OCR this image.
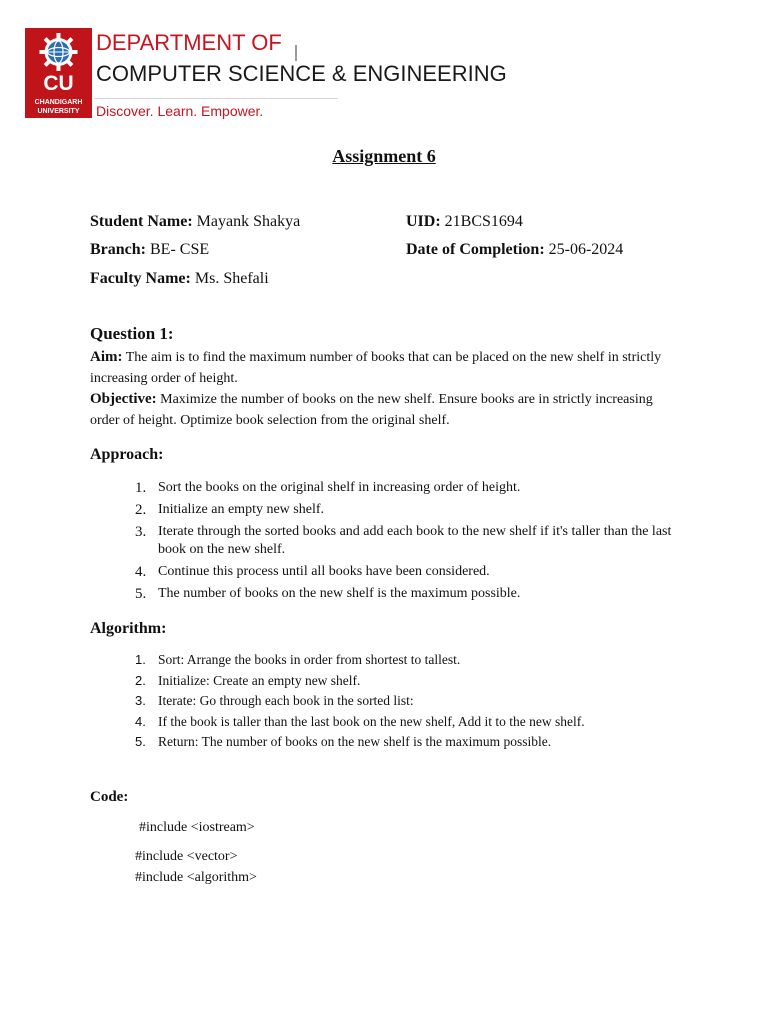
CU
CHANDIGARH
UNIVERSITY
DEPARTMENT OF
COMPUTER SCIENCE & ENGINEERING
Discover. Learn. Empower.
Assignment 6
Student Name: Mayank Shakya	UID: 21BCS1694
Branch: BE- CSE	Date of Completion: 25-06-2024
Faculty Name: Ms. Shefali
Question 1:
Aim: The aim is to find the maximum number of books that can be placed on the new shelf in strictly increasing order of height.
Objective: Maximize the number of books on the new shelf. Ensure books are in strictly increasing order of height. Optimize book selection from the original shelf.
Approach:
1. Sort the books on the original shelf in increasing order of height.
2. Initialize an empty new shelf.
3. Iterate through the sorted books and add each book to the new shelf if it's taller than the last book on the new shelf.
4. Continue this process until all books have been considered.
5. The number of books on the new shelf is the maximum possible.
Algorithm:
1. Sort: Arrange the books in order from shortest to tallest.
2. Initialize: Create an empty new shelf.
3. Iterate: Go through each book in the sorted list:
4. If the book is taller than the last book on the new shelf, Add it to the new shelf.
5. Return: The number of books on the new shelf is the maximum possible.
Code:
#include <iostream>
#include <vector>
#include <algorithm>
